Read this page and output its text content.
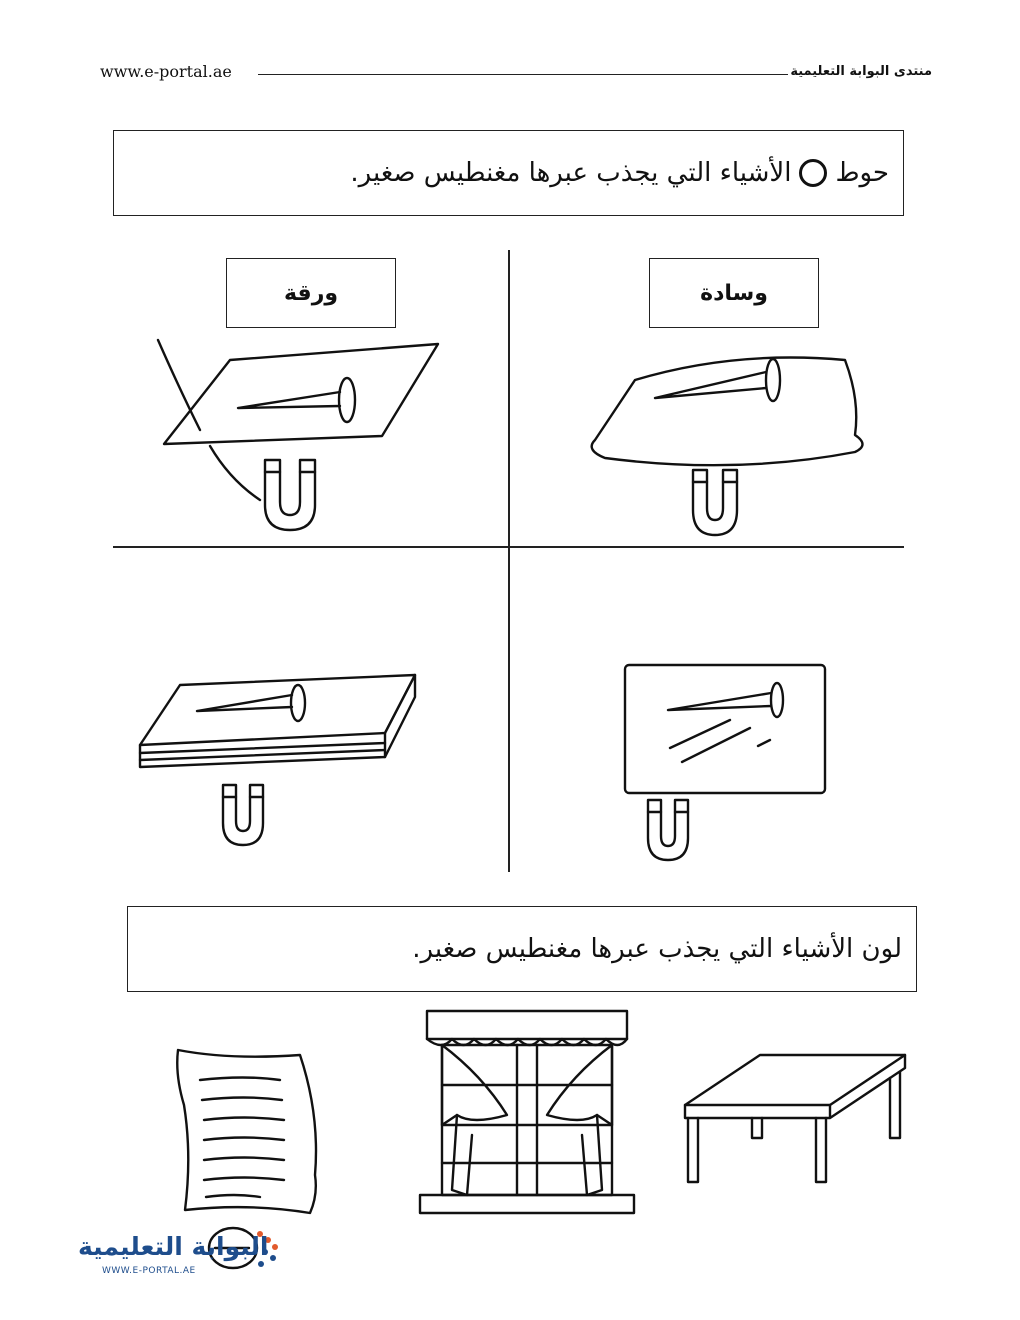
www.e-portal.ae	منتدى البوابة التعليمية
حوط
الأشياء التي يجذب عبرها مغنطيس صغير.
ورقة	وسادة
لون الأشياء التي يجذب عبرها مغنطيس صغير.
البوابة التعليمية
WWW.E-PORTAL.AE
